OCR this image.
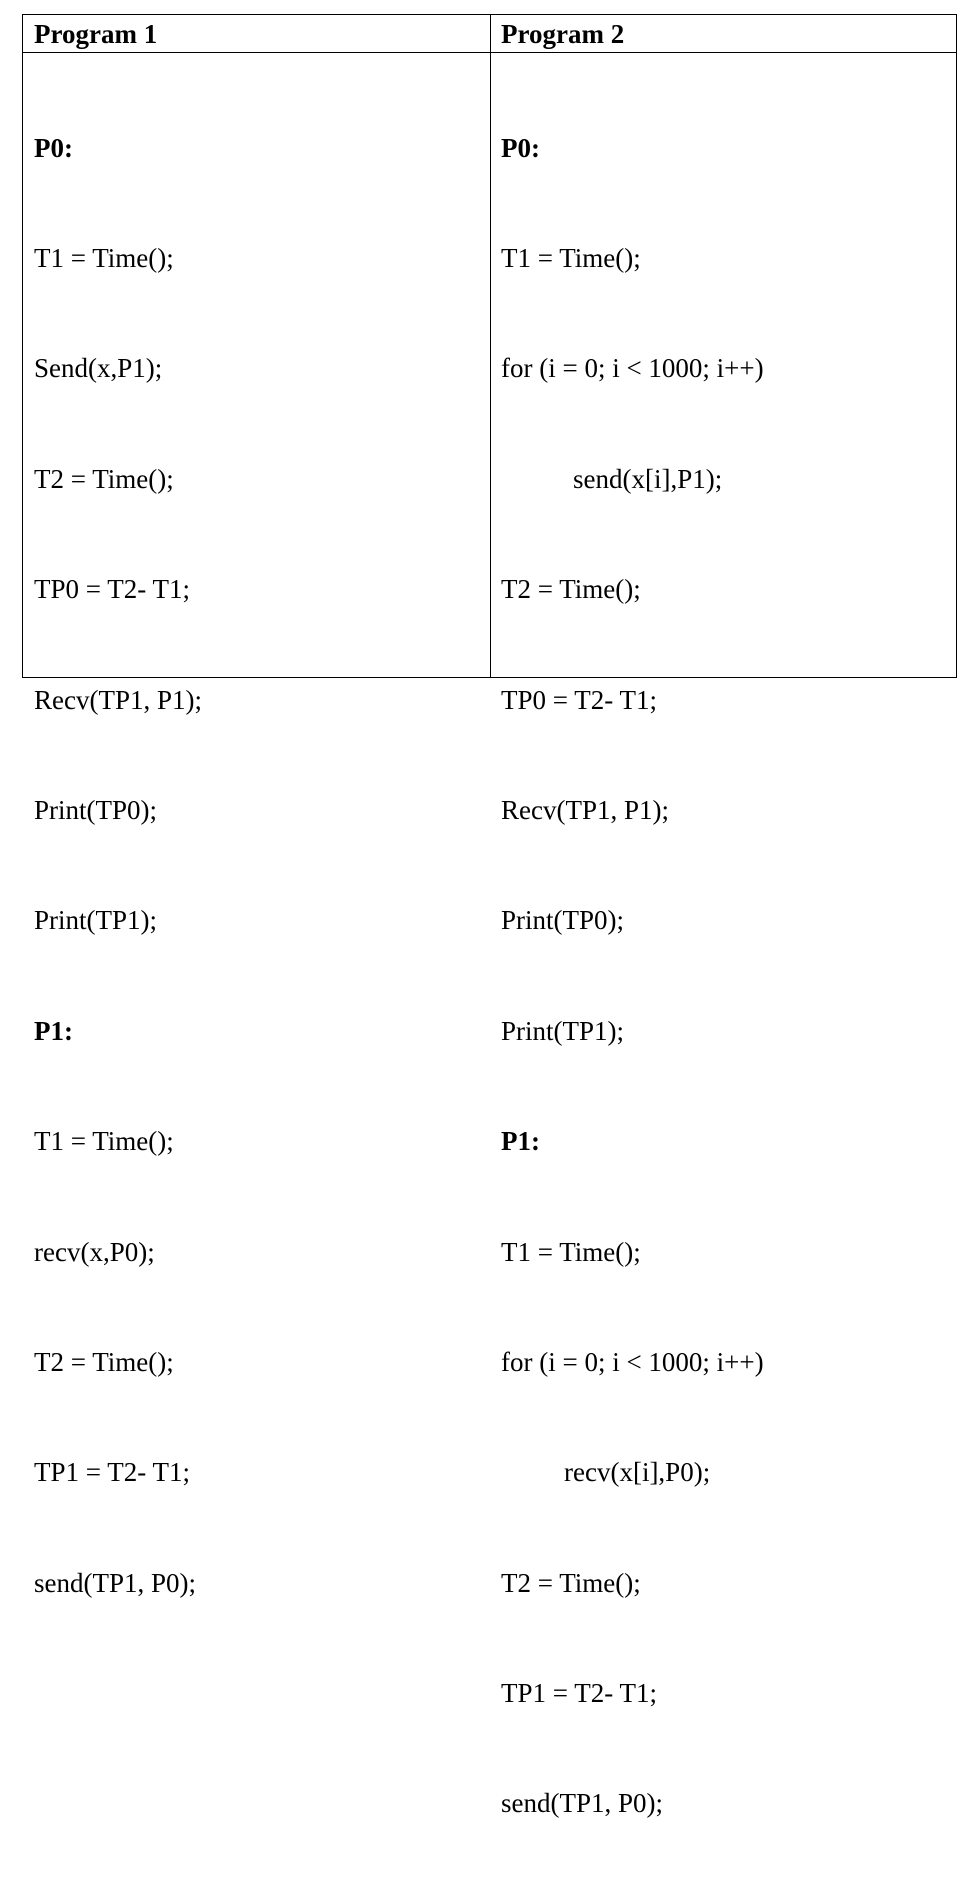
Program 1	Program 2

P0:

T1 = Time();

Send(x,P1);

T2 = Time();

TP0 = T2- T1;

Recv(TP1, P1);

Print(TP0);

Print(TP1);

P1:

T1 = Time();

recv(x,P0);

T2 = Time();

TP1 = T2- T1;

send(TP1, P0);

P0:

T1 = Time();

for (i = 0; i < 1000; i++)

send(x[i],P1);

T2 = Time();

TP0 = T2- T1;

Recv(TP1, P1);

Print(TP0);

Print(TP1);

P1:

T1 = Time();

for (i = 0; i < 1000; i++)

recv(x[i],P0);

T2 = Time();

TP1 = T2- T1;

send(TP1, P0);
